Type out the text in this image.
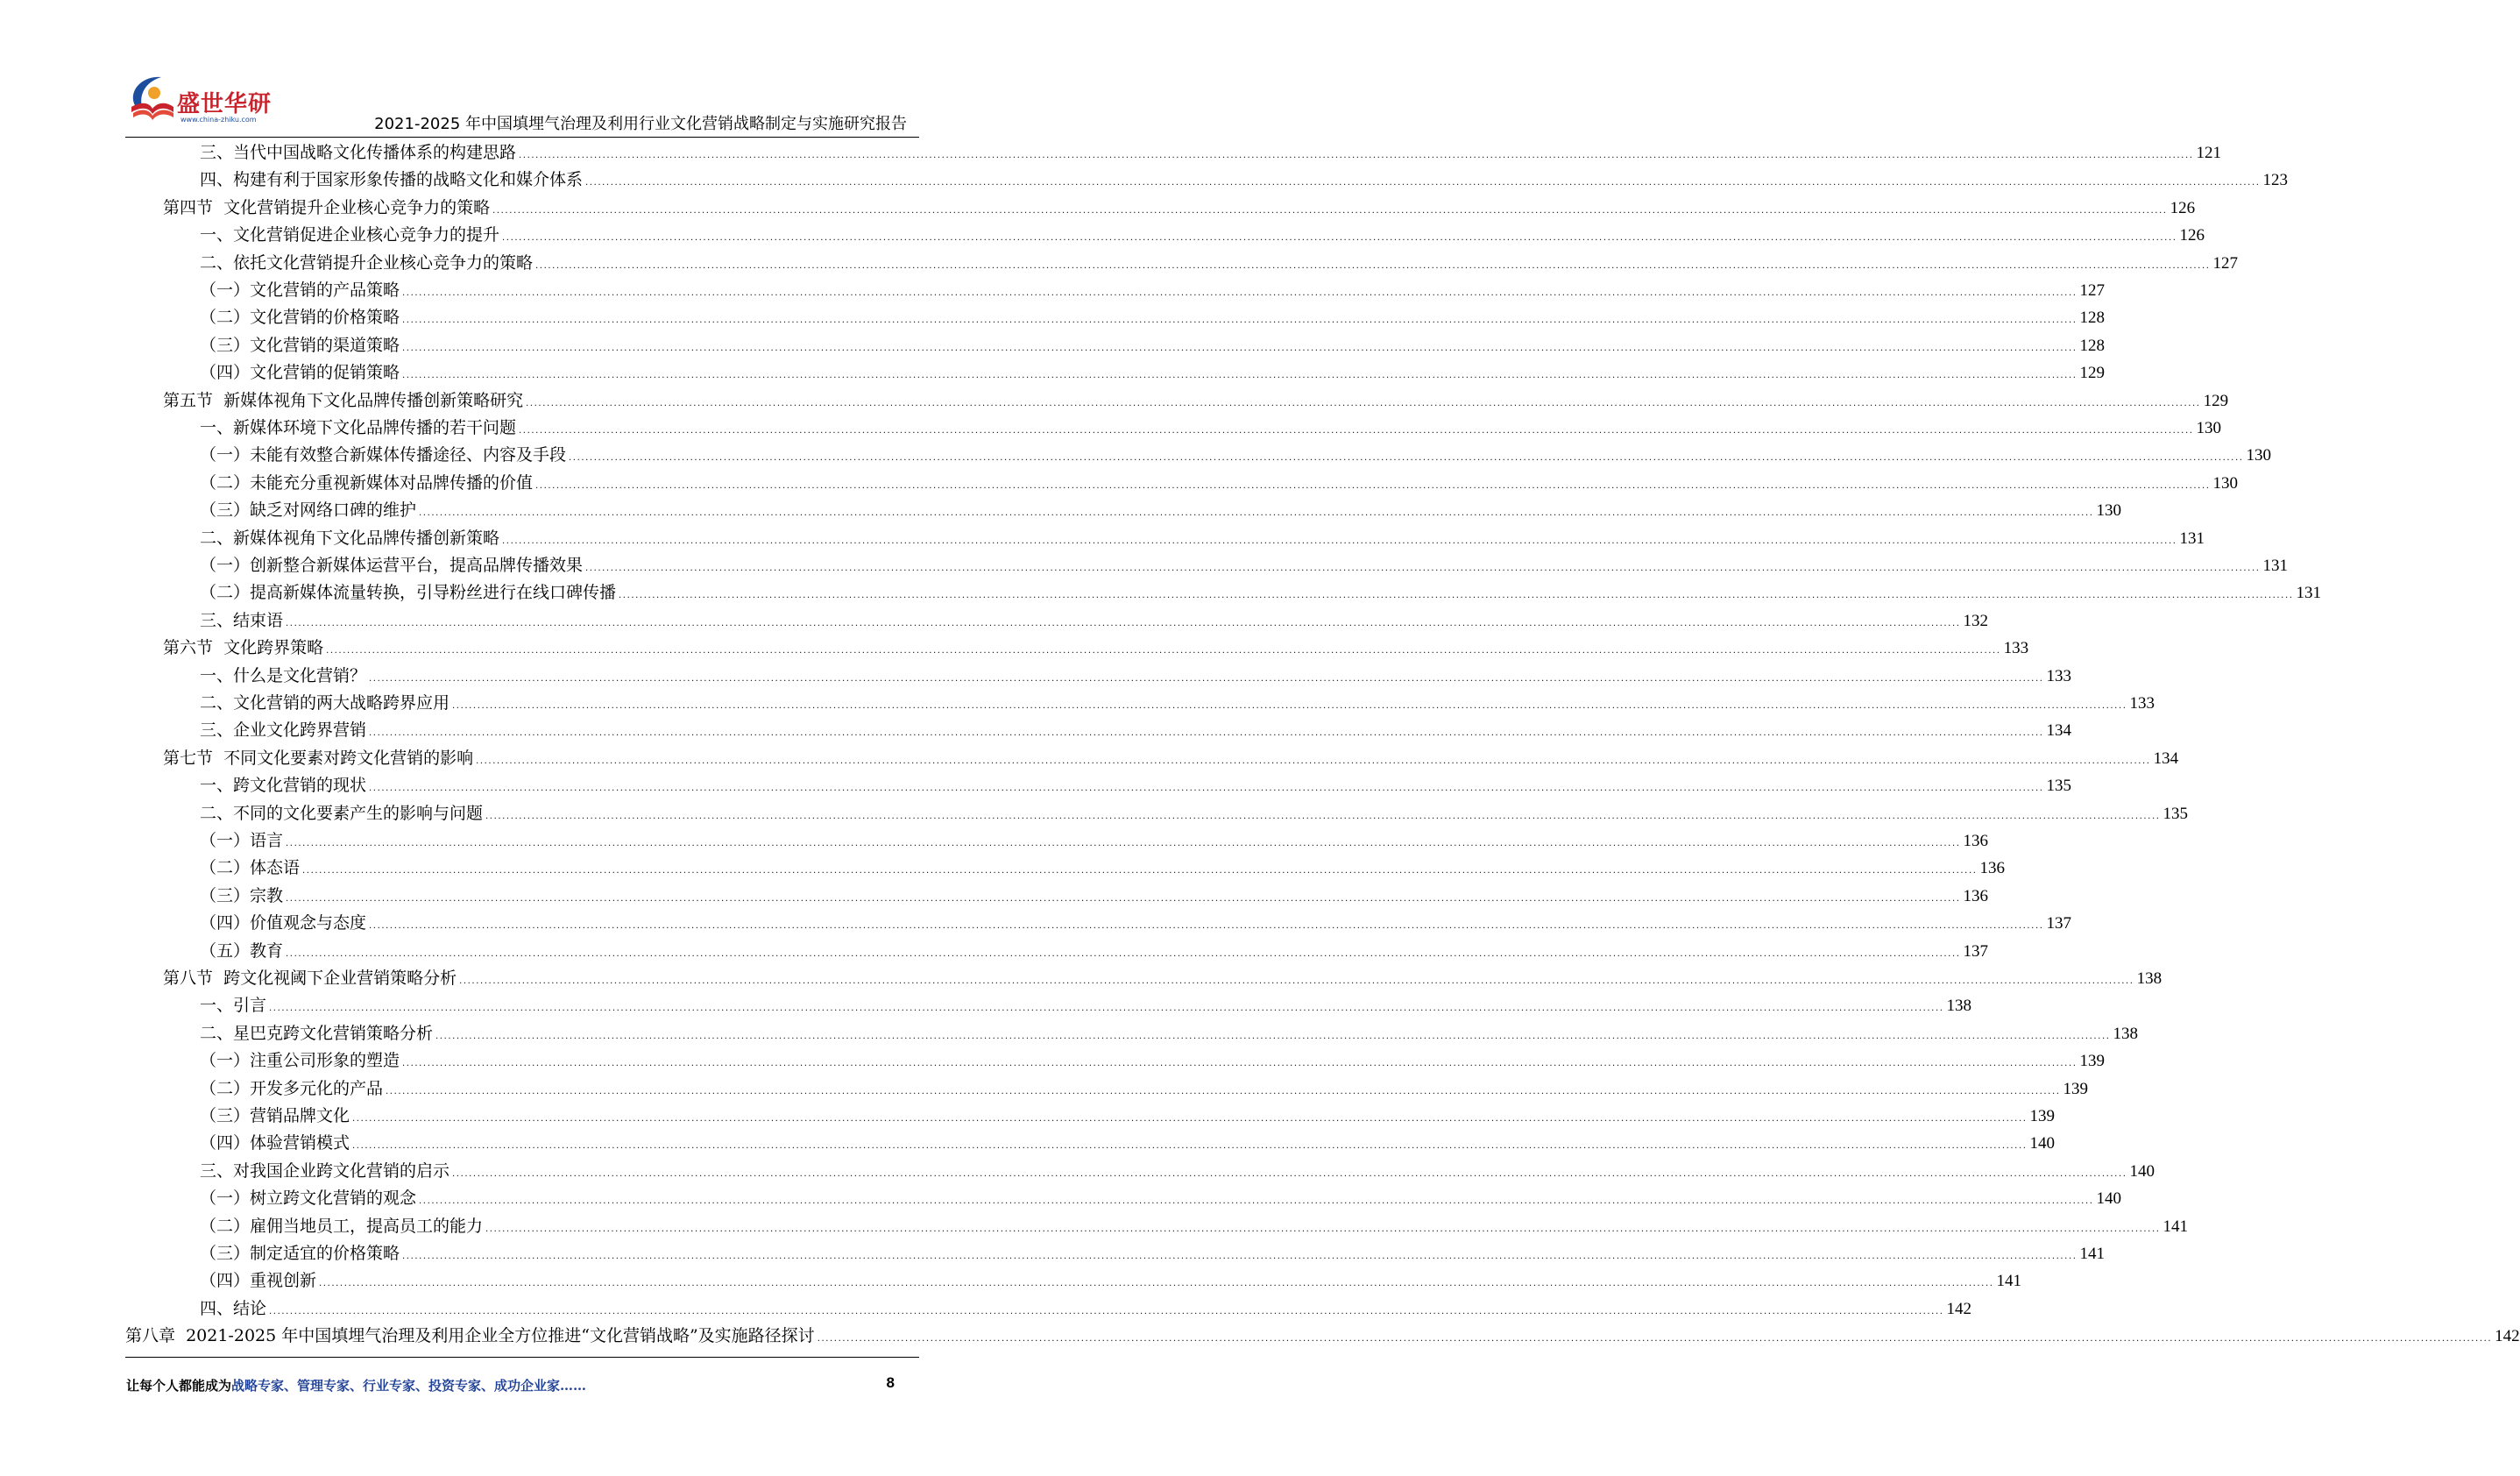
盛世华研
www.china-zhiku.com	2021-2025 年中国填埋气治理及利用行业文化营销战略制定与实施研究报告
三、当代中国战略文化传播体系的构建思路 ................................................................................................................................................................................................................................................................................................................................................................................................................ 121
四、构建有利于国家形象传播的战略文化和媒介体系 ................................................................................................................................................................................................................................................................................................................................................................................................................ 123
第四节  文化营销提升企业核心竞争力的策略 ................................................................................................................................................................................................................................................................................................................................................................................................................ 126
一、文化营销促进企业核心竞争力的提升 ................................................................................................................................................................................................................................................................................................................................................................................................................ 126
二、依托文化营销提升企业核心竞争力的策略 ................................................................................................................................................................................................................................................................................................................................................................................................................ 127
（一）文化营销的产品策略 ................................................................................................................................................................................................................................................................................................................................................................................................................ 127
（二）文化营销的价格策略 ................................................................................................................................................................................................................................................................................................................................................................................................................ 128
（三）文化营销的渠道策略 ................................................................................................................................................................................................................................................................................................................................................................................................................ 128
（四）文化营销的促销策略 ................................................................................................................................................................................................................................................................................................................................................................................................................ 129
第五节  新媒体视角下文化品牌传播创新策略研究 ................................................................................................................................................................................................................................................................................................................................................................................................................ 129
一、新媒体环境下文化品牌传播的若干问题 ................................................................................................................................................................................................................................................................................................................................................................................................................ 130
（一）未能有效整合新媒体传播途径、内容及手段 ................................................................................................................................................................................................................................................................................................................................................................................................................ 130
（二）未能充分重视新媒体对品牌传播的价值 ................................................................................................................................................................................................................................................................................................................................................................................................................ 130
（三）缺乏对网络口碑的维护 ................................................................................................................................................................................................................................................................................................................................................................................................................ 130
二、新媒体视角下文化品牌传播创新策略 ................................................................................................................................................................................................................................................................................................................................................................................................................ 131
（一）创新整合新媒体运营平台，提高品牌传播效果 ................................................................................................................................................................................................................................................................................................................................................................................................................ 131
（二）提高新媒体流量转换，引导粉丝进行在线口碑传播 ................................................................................................................................................................................................................................................................................................................................................................................................................ 131
三、结束语 ................................................................................................................................................................................................................................................................................................................................................................................................................ 132
第六节  文化跨界策略 ................................................................................................................................................................................................................................................................................................................................................................................................................ 133
一、什么是文化营销？ ................................................................................................................................................................................................................................................................................................................................................................................................................ 133
二、文化营销的两大战略跨界应用 ................................................................................................................................................................................................................................................................................................................................................................................................................ 133
三、企业文化跨界营销 ................................................................................................................................................................................................................................................................................................................................................................................................................ 134
第七节  不同文化要素对跨文化营销的影响 ................................................................................................................................................................................................................................................................................................................................................................................................................ 134
一、跨文化营销的现状 ................................................................................................................................................................................................................................................................................................................................................................................................................ 135
二、不同的文化要素产生的影响与问题 ................................................................................................................................................................................................................................................................................................................................................................................................................ 135
（一）语言 ................................................................................................................................................................................................................................................................................................................................................................................................................ 136
（二）体态语 ................................................................................................................................................................................................................................................................................................................................................................................................................ 136
（三）宗教 ................................................................................................................................................................................................................................................................................................................................................................................................................ 136
（四）价值观念与态度 ................................................................................................................................................................................................................................................................................................................................................................................................................ 137
（五）教育 ................................................................................................................................................................................................................................................................................................................................................................................................................ 137
第八节  跨文化视阈下企业营销策略分析 ................................................................................................................................................................................................................................................................................................................................................................................................................ 138
一、引言 ................................................................................................................................................................................................................................................................................................................................................................................................................ 138
二、星巴克跨文化营销策略分析 ................................................................................................................................................................................................................................................................................................................................................................................................................ 138
（一）注重公司形象的塑造 ................................................................................................................................................................................................................................................................................................................................................................................................................ 139
（二）开发多元化的产品 ................................................................................................................................................................................................................................................................................................................................................................................................................ 139
（三）营销品牌文化 ................................................................................................................................................................................................................................................................................................................................................................................................................ 139
（四）体验营销模式 ................................................................................................................................................................................................................................................................................................................................................................................................................ 140
三、对我国企业跨文化营销的启示 ................................................................................................................................................................................................................................................................................................................................................................................................................ 140
（一）树立跨文化营销的观念 ................................................................................................................................................................................................................................................................................................................................................................................................................ 140
（二）雇佣当地员工，提高员工的能力 ................................................................................................................................................................................................................................................................................................................................................................................................................ 141
（三）制定适宜的价格策略 ................................................................................................................................................................................................................................................................................................................................................................................................................ 141
（四）重视创新 ................................................................................................................................................................................................................................................................................................................................................................................................................ 141
四、结论 ................................................................................................................................................................................................................................................................................................................................................................................................................ 142
第八章  2021-2025 年中国填埋气治理及利用企业全方位推进“文化营销战略”及实施路径探讨 ................................................................................................................................................................................................................................................................................................................................................................................................................ 142
让每个人都能成为战略专家、管理专家、行业专家、投资专家、成功企业家……	8
